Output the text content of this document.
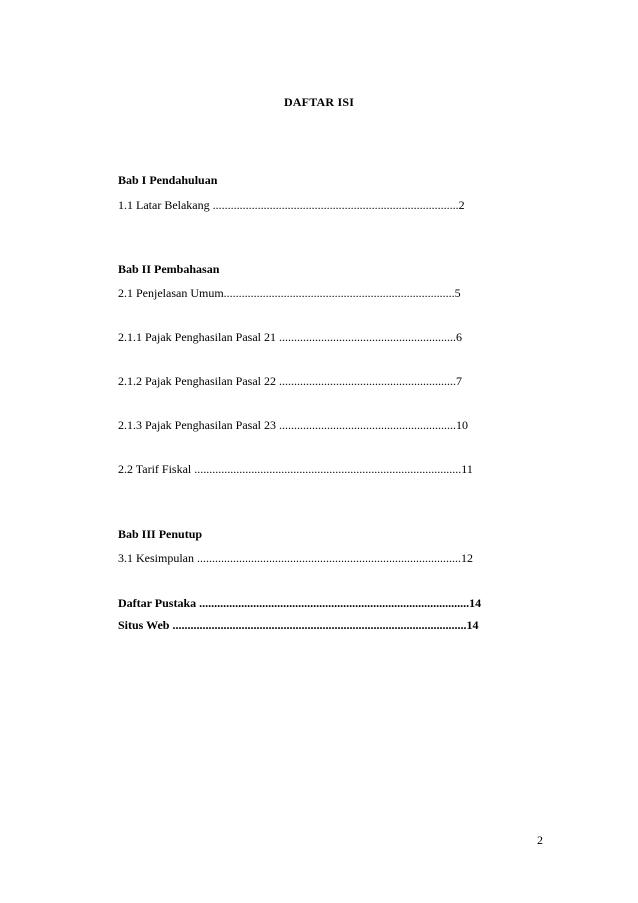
DAFTAR ISI
Bab I Pendahuluan
1.1 Latar Belakang ..................................................................................2
Bab II Pembahasan
2.1 Penjelasan Umum.............................................................................5
2.1.1 Pajak Penghasilan Pasal 21 ...........................................................6
2.1.2 Pajak Penghasilan Pasal 22 ...........................................................7
2.1.3 Pajak Penghasilan Pasal 23 ...........................................................10
2.2 Tarif Fiskal .........................................................................................11
Bab III Penutup
3.1 Kesimpulan ........................................................................................12
Daftar Pustaka ..........................................................................................14
Situs Web ..................................................................................................14
2
